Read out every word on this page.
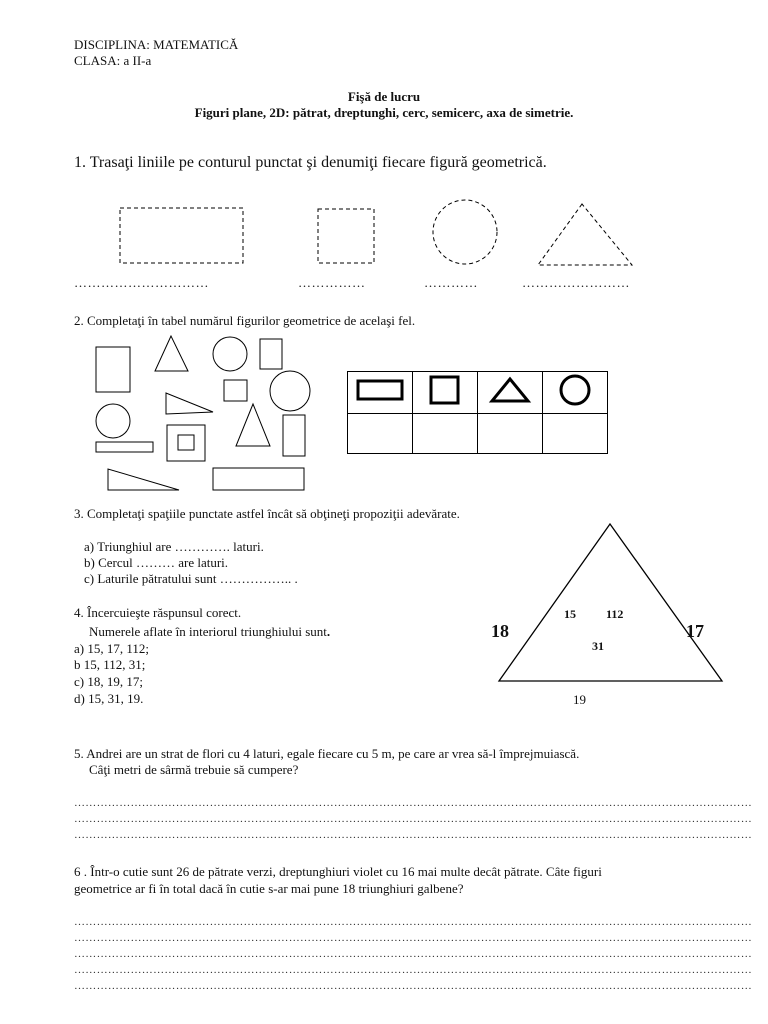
DISCIPLINA: MATEMATICĂ
CLASA: a II-a
Fişă de lucru
Figuri plane, 2D: pătrat, dreptunghi, cerc, semicerc, axa de simetrie.
1. Trasaţi liniile pe conturul punctat şi denumiţi fiecare figură geometrică.
…………………………	……………	…………	……………………
2. Completaţi în tabel numărul figurilor geometrice de acelaşi fel.

3. Completaţi spaţiile punctate astfel încât să obţineţi propoziţii adevărate.
a) Triunghiul are …………. laturi.
b) Cercul ……… are laturi.
c) Laturile pătratului sunt …………….. .
4. Încercuieşte răspunsul corect.
Numerele aflate în interiorul triunghiului sunt.
a) 15, 17, 112;
b 15, 112, 31;
c) 18, 19, 17;
d) 15, 31, 19.
18	17
19
15	112
31
5. Andrei are un strat de flori cu 4 laturi, egale fiecare cu 5 m, pe care ar vrea să-l împrejmuiască.
Câţi metri de sârmă trebuie să cumpere?
………………………………………………………………………………………………………………………………………………………………
………………………………………………………………………………………………………………………………………………………………
………………………………………………………………………………………………………………………………………………………………
6 . Într-o cutie sunt 26 de pătrate verzi, dreptunghiuri violet cu 16 mai multe decât pătrate. Câte figuri
geometrice ar fi în total dacă în cutie s-ar mai pune 18 triunghiuri galbene?
………………………………………………………………………………………………………………………………………………………………
………………………………………………………………………………………………………………………………………………………………
………………………………………………………………………………………………………………………………………………………………
………………………………………………………………………………………………………………………………………………………………
………………………………………………………………………………………………………………………………………………………………
